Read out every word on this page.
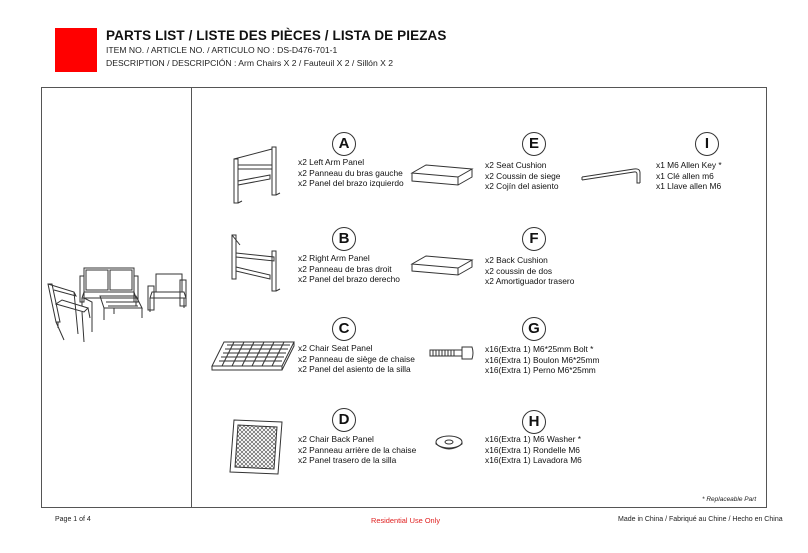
PARTS LIST / LISTE DES PIÈCES / LISTA DE PIEZAS
ITEM NO. / ARTICLE NO. / ARTICULO NO : DS-D476-701-1
DESCRIPTION / DESCRIPCIÓN : Arm Chairs X 2 / Fauteuil X 2 / Sillón X 2
A
x2 Left Arm Panel
x2 Panneau du bras gauche
x2 Panel del brazo izquierdo
B
x2 Right Arm Panel
x2 Panneau de bras droit
x2 Panel del brazo derecho
C
x2 Chair Seat Panel
x2 Panneau de siège de chaise
x2 Panel del asiento de la silla
D
x2 Chair Back Panel
x2 Panneau arrière de la chaise
x2 Panel trasero de la silla
E
x2 Seat Cushion
x2 Coussin de siege
x2 Cojín del asiento
F
x2 Back Cushion
x2 coussin de dos
x2 Amortiguador trasero
G
x16(Extra 1) M6*25mm Bolt *
x16(Extra 1) Boulon M6*25mm
x16(Extra 1) Perno M6*25mm
H
x16(Extra 1) M6 Washer *
x16(Extra 1) Rondelle M6
x16(Extra 1) Lavadora M6
I
x1 M6 Allen Key *
x1 Clé allen m6
x1 Llave allen M6
* Replaceable Part
Page 1 of 4	Residential Use Only	Made in China / Fabriqué au Chine / Hecho en China
